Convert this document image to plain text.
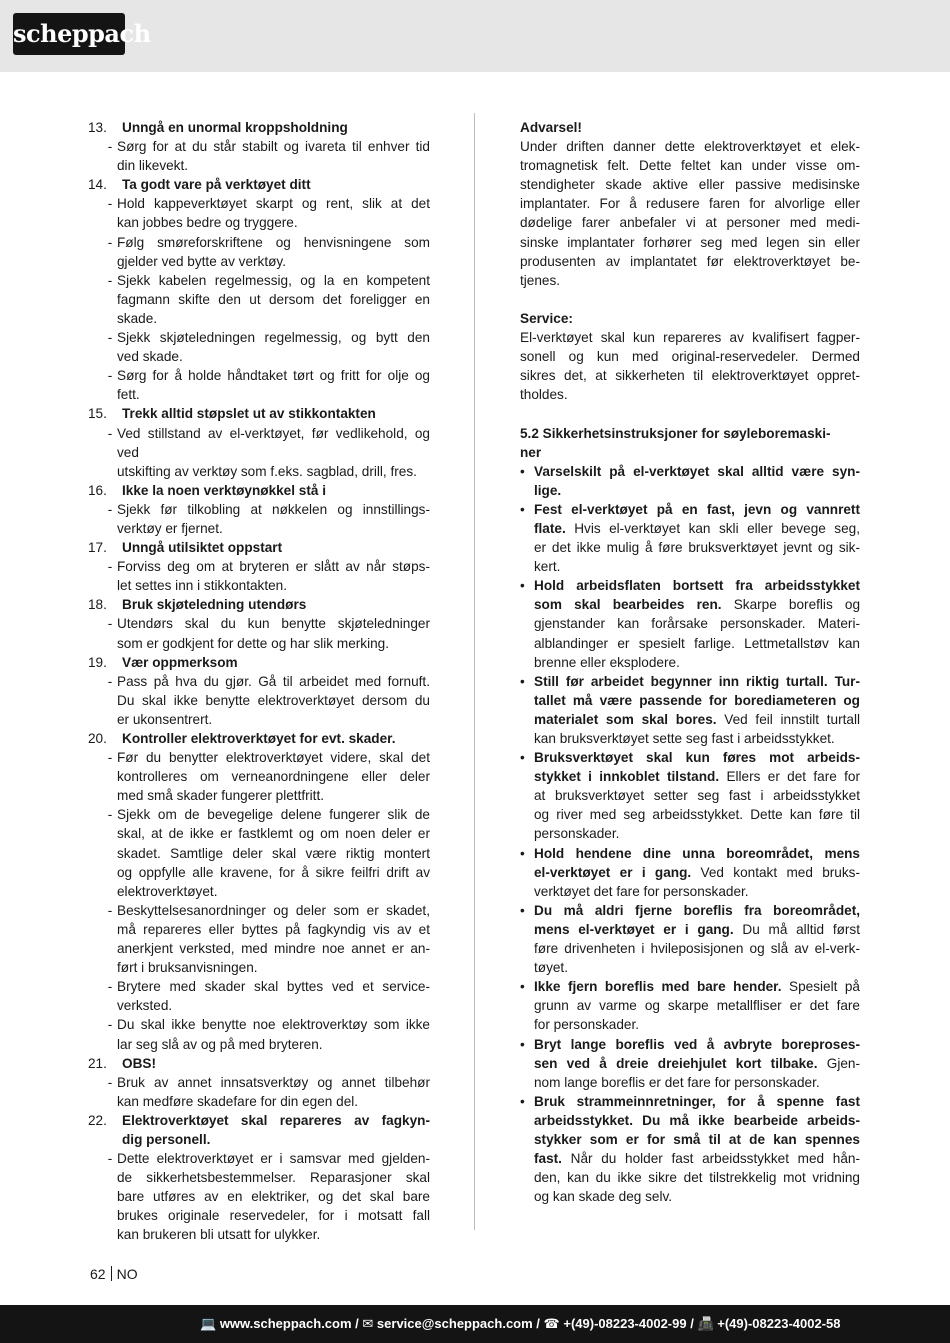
scheppach
13.	Unngå en unormal kroppsholdning
- Sørg for at du står stabilt og ivareta til enhver tid
din likevekt.
14.	Ta godt vare på verktøyet ditt
- Hold kappeverktøyet skarpt og rent, slik at det
kan jobbes bedre og tryggere.
- Følg smøreforskriftene og henvisningene som
gjelder ved bytte av verktøy.
- Sjekk kabelen regelmessig, og la en kompetent
fagmann skifte den ut dersom det foreligger en
skade.
- Sjekk skjøteledningen regelmessig, og bytt den
ved skade.
- Sørg for å holde håndtaket tørt og fritt for olje og
fett.
15.	Trekk alltid støpslet ut av stikkontakten
- Ved stillstand av el-verktøyet, før vedlikehold, og ved
utskifting av verktøy som f.eks. sagblad, drill, fres.
16.	Ikke la noen verktøynøkkel stå i
- Sjekk før tilkobling at nøkkelen og innstillings-
verktøy er fjernet.
17.	Unngå utilsiktet oppstart
- Forviss deg om at bryteren er slått av når støps-
let settes inn i stikkontakten.
18.	Bruk skjøteledning utendørs
- Utendørs skal du kun benytte skjøteledninger
som er godkjent for dette og har slik merking.
19.	Vær oppmerksom
- Pass på hva du gjør. Gå til arbeidet med fornuft.
Du skal ikke benytte elektroverktøyet dersom du
er ukonsentrert.
20.	Kontroller elektroverktøyet for evt. skader.
- Før du benytter elektroverktøyet videre, skal det
kontrolleres om verneanordningene eller deler
med små skader fungerer plettfritt.
- Sjekk om de bevegelige delene fungerer slik de
skal, at de ikke er fastklemt og om noen deler er
skadet. Samtlige deler skal være riktig montert
og oppfylle alle kravene, for å sikre feilfri drift av
elektroverktøyet.
- Beskyttelsesanordninger og deler som er skadet,
må repareres eller byttes på fagkyndig vis av et
anerkjent verksted, med mindre noe annet er an-
ført i bruksanvisningen.
- Brytere med skader skal byttes ved et service-
verksted.
- Du skal ikke benytte noe elektroverktøy som ikke
lar seg slå av og på med bryteren.
21.	OBS!
- Bruk av annet innsatsverktøy og annet tilbehør
kan medføre skadefare for din egen del.
22.	Elektroverktøyet skal repareres av fagkyn-
dig personell.
- Dette elektroverktøyet er i samsvar med gjelden-
de sikkerhetsbestemmelser. Reparasjoner skal
bare utføres av en elektriker, og det skal bare
brukes originale reservedeler, for i motsatt fall
kan brukeren bli utsatt for ulykker.
Advarsel!
Under driften danner dette elektroverktøyet et elek-
tromagnetisk felt. Dette feltet kan under visse om-
stendigheter skade aktive eller passive medisinske
implantater. For å redusere faren for alvorlige eller
dødelige farer anbefaler vi at personer med medi-
sinske implantater forhører seg med legen sin eller
produsenten av implantatet før elektroverktøyet be-
tjenes.
Service:
El-verktøyet skal kun repareres av kvalifisert fagper-
sonell og kun med original-reservedeler. Dermed
sikres det, at sikkerheten til elektroverktøyet oppret-
tholdes.
5.2 Sikkerhetsinstruksjoner for søyleboremaski-
ner
• Varselskilt på el-verktøyet skal alltid være syn-
lige.
• Fest el-verktøyet på en fast, jevn og vannrett
flate. Hvis el-verktøyet kan skli eller bevege seg,
er det ikke mulig å føre bruksverktøyet jevnt og sik-
kert.
• Hold arbeidsflaten bortsett fra arbeidsstykket
som skal bearbeides ren. Skarpe boreflis og
gjenstander kan forårsake personskader. Materi-
alblandinger er spesielt farlige. Lettmetallstøv kan
brenne eller eksplodere.
• Still før arbeidet begynner inn riktig turtall. Tur-
tallet må være passende for borediameteren og
materialet som skal bores. Ved feil innstilt turtall
kan bruksverktøyet sette seg fast i arbeidsstykket.
• Bruksverktøyet skal kun føres mot arbeids-
stykket i innkoblet tilstand. Ellers er det fare for
at bruksverktøyet setter seg fast i arbeidsstykket
og river med seg arbeidsstykket. Dette kan føre til
personskader.
• Hold hendene dine unna boreområdet, mens
el-verktøyet er i gang. Ved kontakt med bruks-
verktøyet det fare for personskader.
• Du må aldri fjerne boreflis fra boreområdet,
mens el-verktøyet er i gang. Du må alltid først
føre drivenheten i hvileposisjonen og slå av el-verk-
tøyet.
• Ikke fjern boreflis med bare hender. Spesielt på
grunn av varme og skarpe metallfliser er det fare
for personskader.
• Bryt lange boreflis ved å avbryte boreproses-
sen ved å dreie dreiehjulet kort tilbake. Gjen-
nom lange boreflis er det fare for personskader.
• Bruk strammeinnretninger, for å spenne fast
arbeidsstykket. Du må ikke bearbeide arbeids-
stykker som er for små til at de kan spennes
fast. Når du holder fast arbeidsstykket med hån-
den, kan du ikke sikre det tilstrekkelig mot vridning
og kan skade deg selv.
62 NO
💻 www.scheppach.com / ✉ service@scheppach.com / ☎ +(49)-08223-4002-99 / 📠 +(49)-08223-4002-58
